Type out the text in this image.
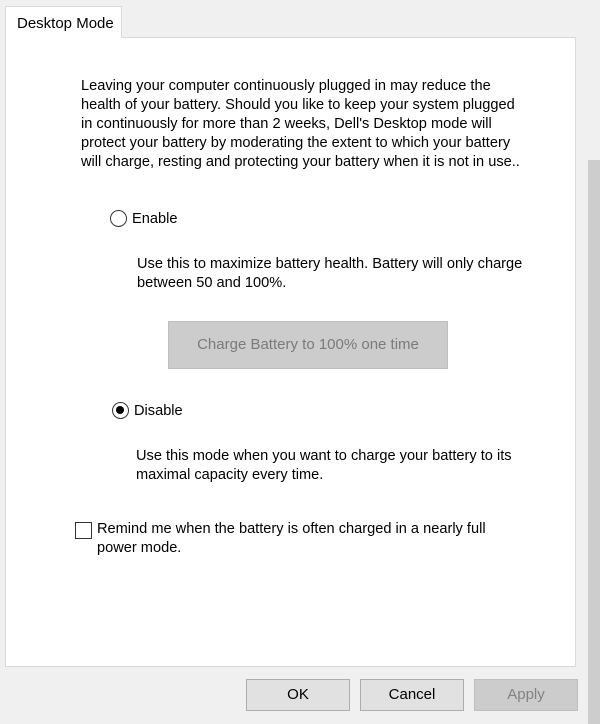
Desktop Mode
Leaving your computer continuously plugged in may reduce the health of your battery. Should you like to keep your system plugged in continuously for more than 2 weeks, Dell's Desktop mode will protect your battery by moderating the extent to which your battery will charge, resting and protecting your battery when it is not in use..
Enable
Use this to maximize battery health. Battery will only charge between 50 and 100%.
Charge Battery to 100% one time
Disable
Use this mode when you want to charge your battery to its maximal capacity every time.
Remind me when the battery is often charged in a nearly full power mode.
OK	Cancel	Apply
